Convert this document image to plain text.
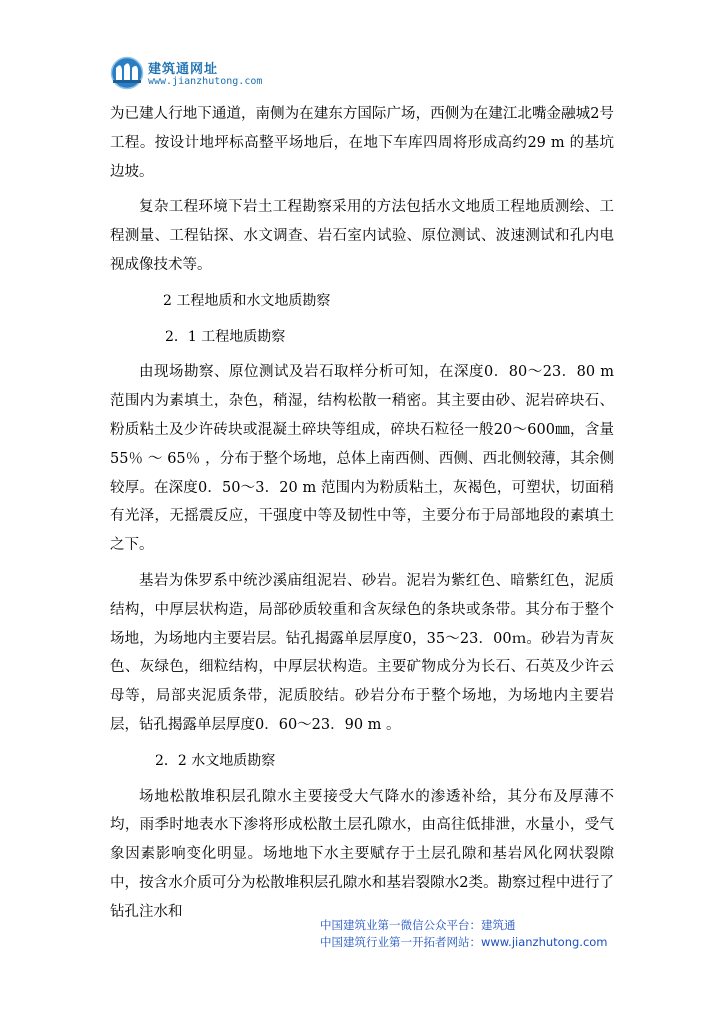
建筑通网址
www.jianzhutong.com

为已建人行地下通道，南侧为在建东方国际广场，西侧为在建江北嘴金融城2号工程。按设计地坪标高整平场地后，在地下车库四周将形成高约29 m 的基坑边坡。

复杂工程环境下岩土工程勘察采用的方法包括水文地质工程地质测绘、工程测量、工程钻探、水文调查、岩石室内试验、原位测试、波速测试和孔内电视成像技术等。

2 工程地质和水文地质勘察

2．1 工程地质勘察

由现场勘察、原位测试及岩石取样分析可知，在深度0．80～23．80 m 范围内为素填土，杂色，稍湿，结构松散一稍密。其主要由砂、泥岩碎块石、粉质粘土及少许砖块或混凝土碎块等组成，碎块石粒径一般20～600㎜，含量55％ ～ 65％ ，分布于整个场地，总体上南西侧、西侧、西北侧较薄，其余侧较厚。在深度0．50～3．20 m 范围内为粉质粘土，灰褐色，可塑状，切面稍有光泽，无摇震反应，干强度中等及韧性中等，主要分布于局部地段的素填土之下。

基岩为侏罗系中统沙溪庙组泥岩、砂岩。泥岩为紫红色、暗紫红色，泥质结构，中厚层状构造，局部砂质较重和含灰绿色的条块或条带。其分布于整个场地，为场地内主要岩层。钻孔揭露单层厚度0，35～23．00ｍ。砂岩为青灰色、灰绿色，细粒结构，中厚层状构造。主要矿物成分为长石、石英及少许云母等，局部夹泥质条带，泥质胶结。砂岩分布于整个场地，为场地内主要岩层，钻孔揭露单层厚度0．60～23．90 m 。

2．2 水文地质勘察

场地松散堆积层孔隙水主要接受大气降水的渗透补给，其分布及厚薄不均，雨季时地表水下渗将形成松散土层孔隙水，由高往低排泄，水量小，受气象因素影响变化明显。场地地下水主要赋存于土层孔隙和基岩风化网状裂隙中，按含水介质可分为松散堆积层孔隙水和基岩裂隙水2类。勘察过程中进行了钻孔注水和

中国建筑业第一微信公众平台：建筑通
中国建筑行业第一开拓者网站：www.jianzhutong.com
